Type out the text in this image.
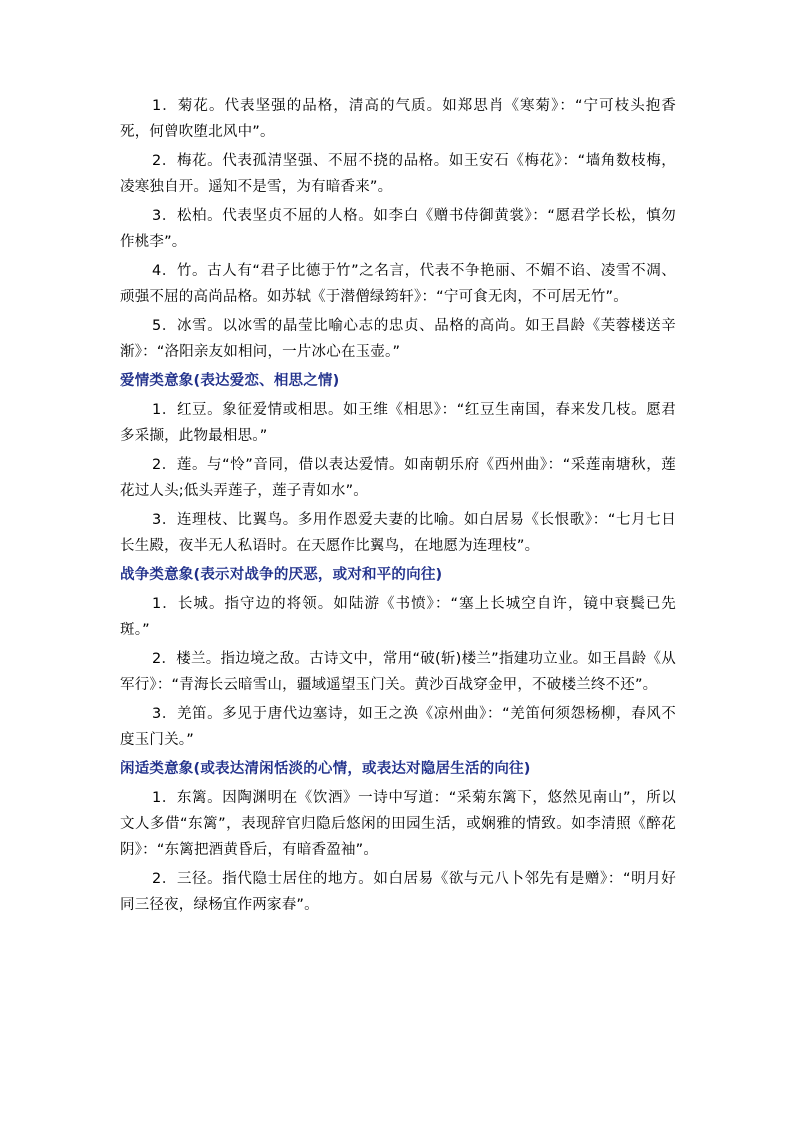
1．菊花。代表坚强的品格，清高的气质。如郑思肖《寒菊》：“宁可枝头抱香死，何曾吹堕北风中”。

2．梅花。代表孤清坚强、不屈不挠的品格。如王安石《梅花》：“墙角数枝梅，凌寒独自开。遥知不是雪，为有暗香来”。

3．松柏。代表坚贞不屈的人格。如李白《赠书侍御黄裳》：“愿君学长松，慎勿作桃李”。

4．竹。古人有“君子比德于竹”之名言，代表不争艳丽、不媚不谄、凌雪不凋、顽强不屈的高尚品格。如苏轼《于潜僧绿筠轩》：“宁可食无肉，不可居无竹”。

5．冰雪。以冰雪的晶莹比喻心志的忠贞、品格的高尚。如王昌龄《芙蓉楼送辛渐》：“洛阳亲友如相问，一片冰心在玉壶。”

爱情类意象(表达爱恋、相思之情)

1．红豆。象征爱情或相思。如王维《相思》：“红豆生南国，春来发几枝。愿君多采撷，此物最相思。”

2．莲。与“怜”音同，借以表达爱情。如南朝乐府《西州曲》：“采莲南塘秋，莲花过人头;低头弄莲子，莲子青如水”。

3．连理枝、比翼鸟。多用作恩爱夫妻的比喻。如白居易《长恨歌》：“七月七日长生殿，夜半无人私语时。在天愿作比翼鸟，在地愿为连理枝”。

战争类意象(表示对战争的厌恶，或对和平的向往)

1．长城。指守边的将领。如陆游《书愤》：“塞上长城空自许，镜中衰鬓已先斑。”

2．楼兰。指边境之敌。古诗文中，常用“破(斩)楼兰”指建功立业。如王昌龄《从军行》：“青海长云暗雪山，疆域遥望玉门关。黄沙百战穿金甲，不破楼兰终不还”。

3．羌笛。多见于唐代边塞诗，如王之涣《凉州曲》：“羌笛何须怨杨柳，春风不度玉门关。”

闲适类意象(或表达清闲恬淡的心情，或表达对隐居生活的向往)

1．东篱。因陶渊明在《饮酒》一诗中写道：“采菊东篱下，悠然见南山”，所以文人多借“东篱”，表现辞官归隐后悠闲的田园生活，或娴雅的情致。如李清照《醉花阴》：“东篱把酒黄昏后，有暗香盈袖”。

2．三径。指代隐士居住的地方。如白居易《欲与元八卜邻先有是赠》：“明月好同三径夜，绿杨宜作两家春”。
